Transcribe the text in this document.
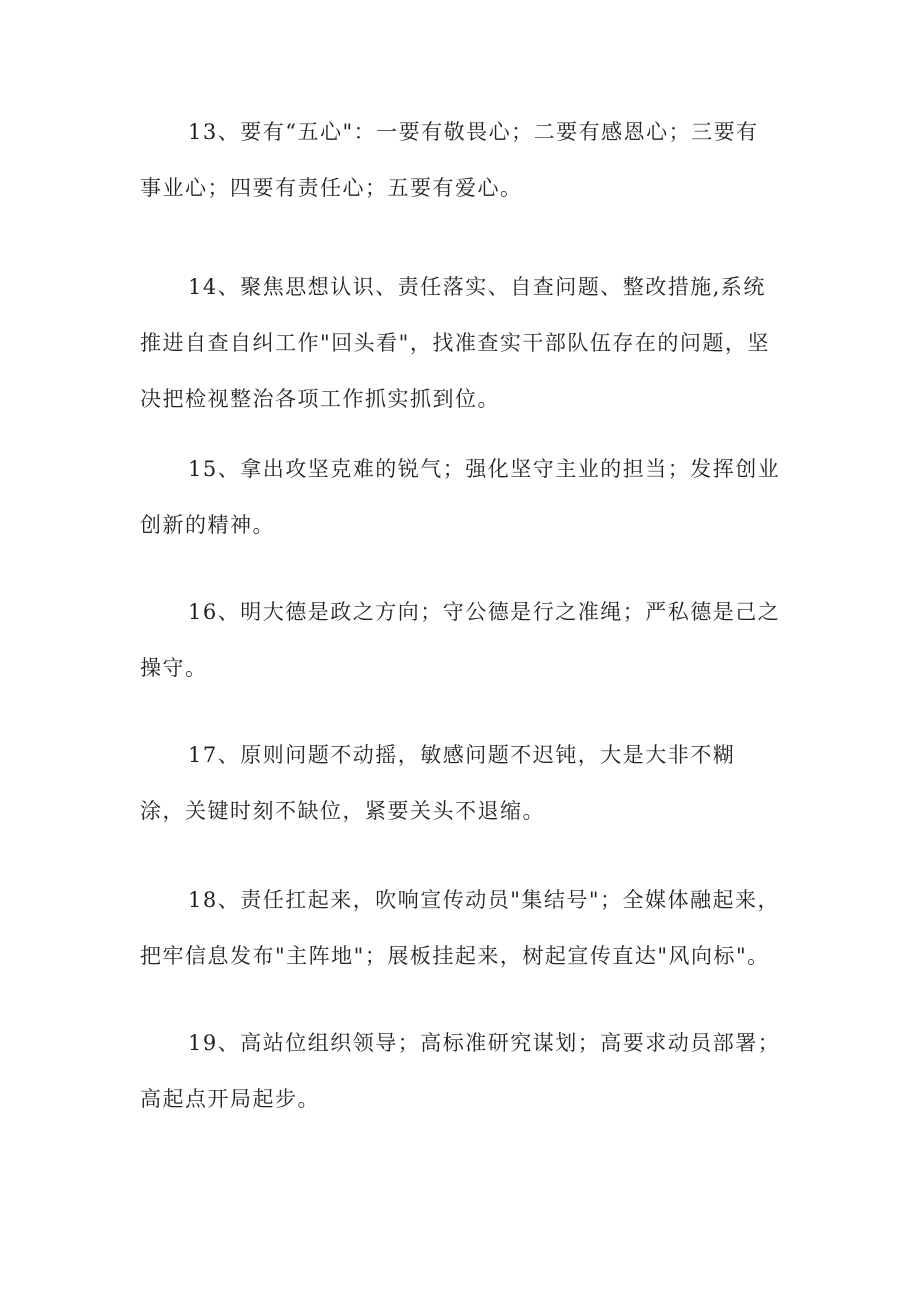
13、要有“五心"：一要有敬畏心；二要有感恩心；三要有
事业心；四要有责任心；五要有爱心。
14、聚焦思想认识、责任落实、自查问题、整改措施,系统
推进自查自纠工作"回头看"，找准查实干部队伍存在的问题，坚
决把检视整治各项工作抓实抓到位。
15、拿出攻坚克难的锐气；强化坚守主业的担当；发挥创业
创新的精神。
16、明大德是政之方向；守公德是行之准绳；严私德是己之
操守。
17、原则问题不动摇，敏感问题不迟钝，大是大非不糊
涂，关键时刻不缺位，紧要关头不退缩。
18、责任扛起来，吹响宣传动员"集结号"；全媒体融起来，
把牢信息发布"主阵地"；展板挂起来，树起宣传直达"风向标"。
19、高站位组织领导；高标准研究谋划；高要求动员部署；
高起点开局起步。
